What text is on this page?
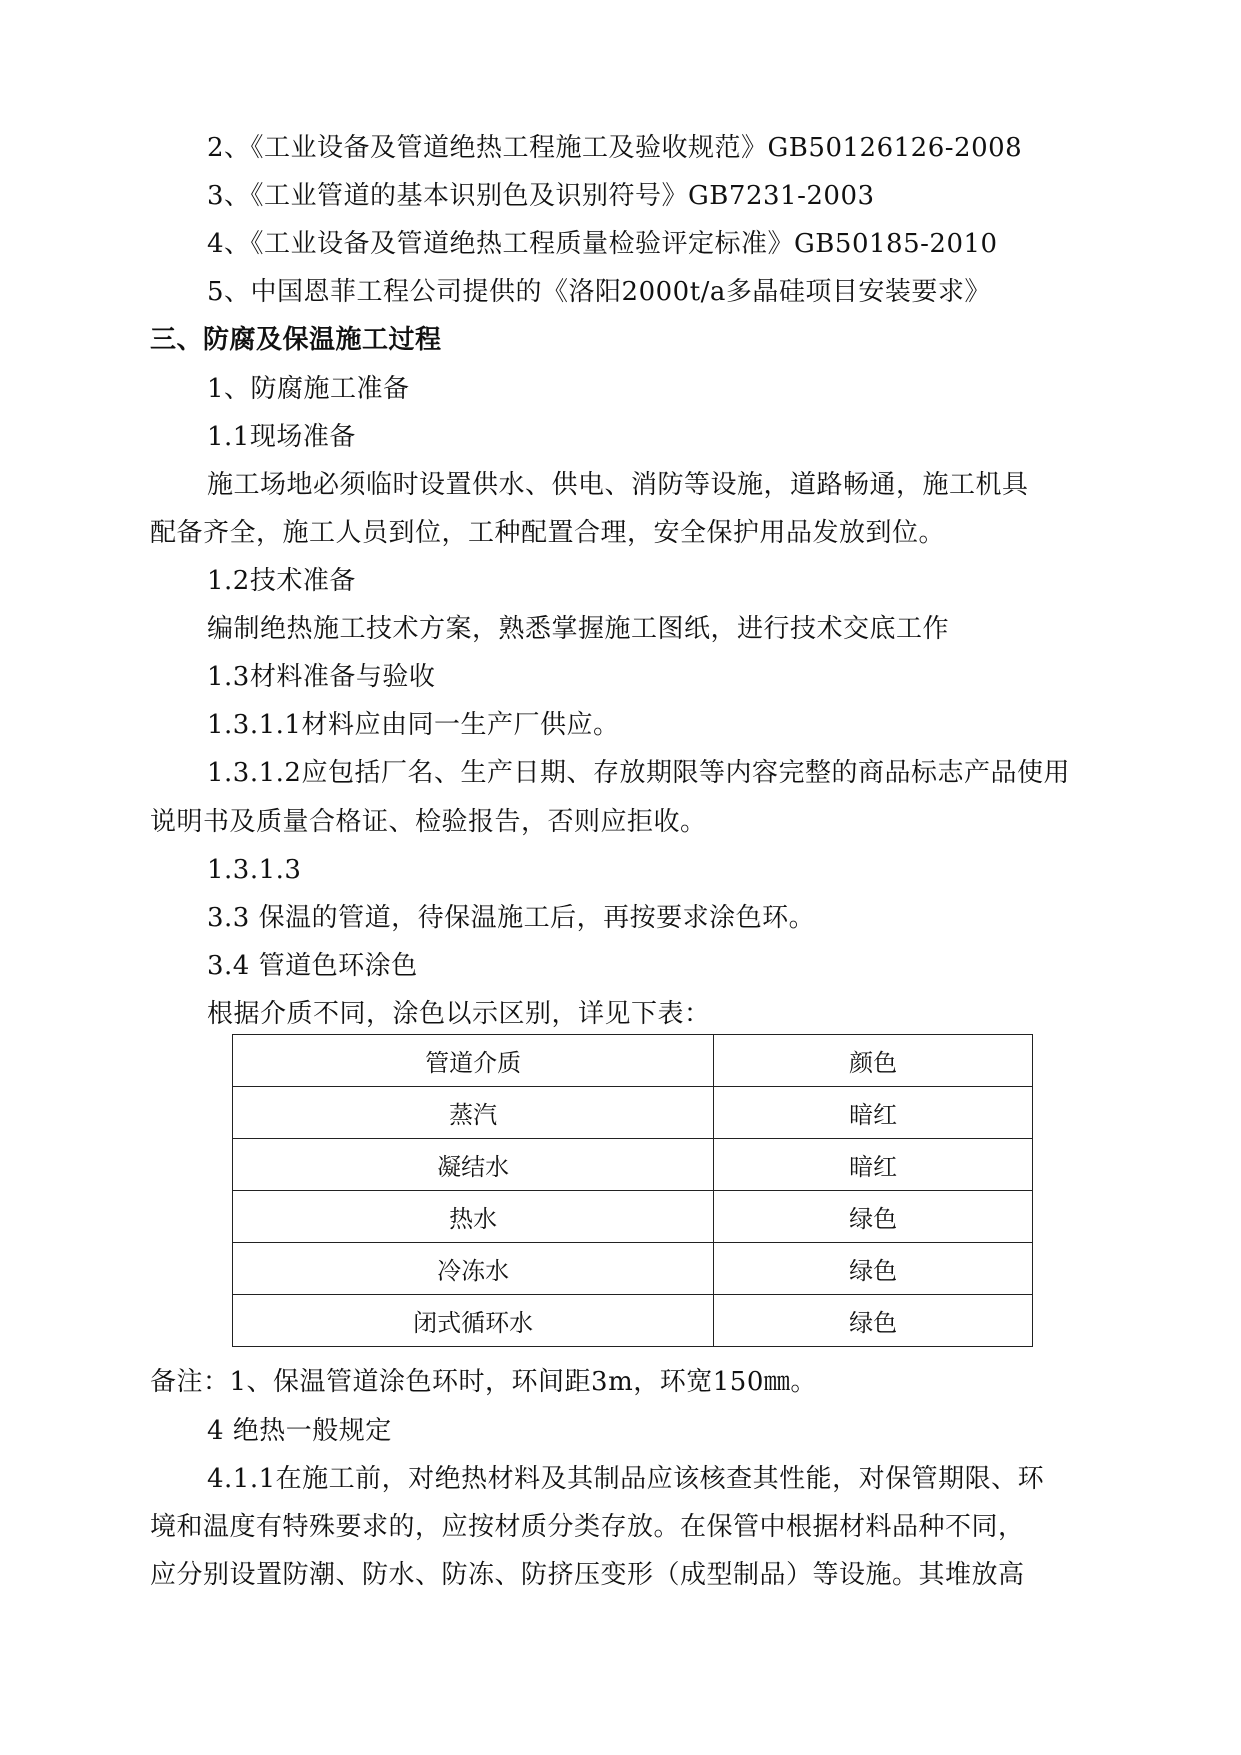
2、《工业设备及管道绝热工程施工及验收规范》GB50126126-2008
3、《工业管道的基本识别色及识别符号》GB7231-2003
4、《工业设备及管道绝热工程质量检验评定标准》GB50185-2010
5、中国恩菲工程公司提供的《洛阳2000t/a多晶硅项目安装要求》
三、防腐及保温施工过程
1、防腐施工准备
1.1现场准备
施工场地必须临时设置供水、供电、消防等设施，道路畅通，施工机具
配备齐全，施工人员到位，工种配置合理，安全保护用品发放到位。
1.2技术准备
编制绝热施工技术方案，熟悉掌握施工图纸，进行技术交底工作
1.3材料准备与验收
1.3.1.1材料应由同一生产厂供应。
1.3.1.2应包括厂名、生产日期、存放期限等内容完整的商品标志产品使用
说明书及质量合格证、检验报告，否则应拒收。
1.3.1.3
3.3 保温的管道，待保温施工后，再按要求涂色环。
3.4 管道色环涂色
根据介质不同，涂色以示区别，详见下表：
管道介质	颜色
蒸汽	暗红
凝结水	暗红
热水	绿色
冷冻水	绿色
闭式循环水	绿色
备注：1、保温管道涂色环时，环间距3m，环宽150㎜。
4 绝热一般规定
4.1.1在施工前，对绝热材料及其制品应该核查其性能，对保管期限、环
境和温度有特殊要求的，应按材质分类存放。在保管中根据材料品种不同，
应分别设置防潮、防水、防冻、防挤压变形（成型制品）等设施。其堆放高
